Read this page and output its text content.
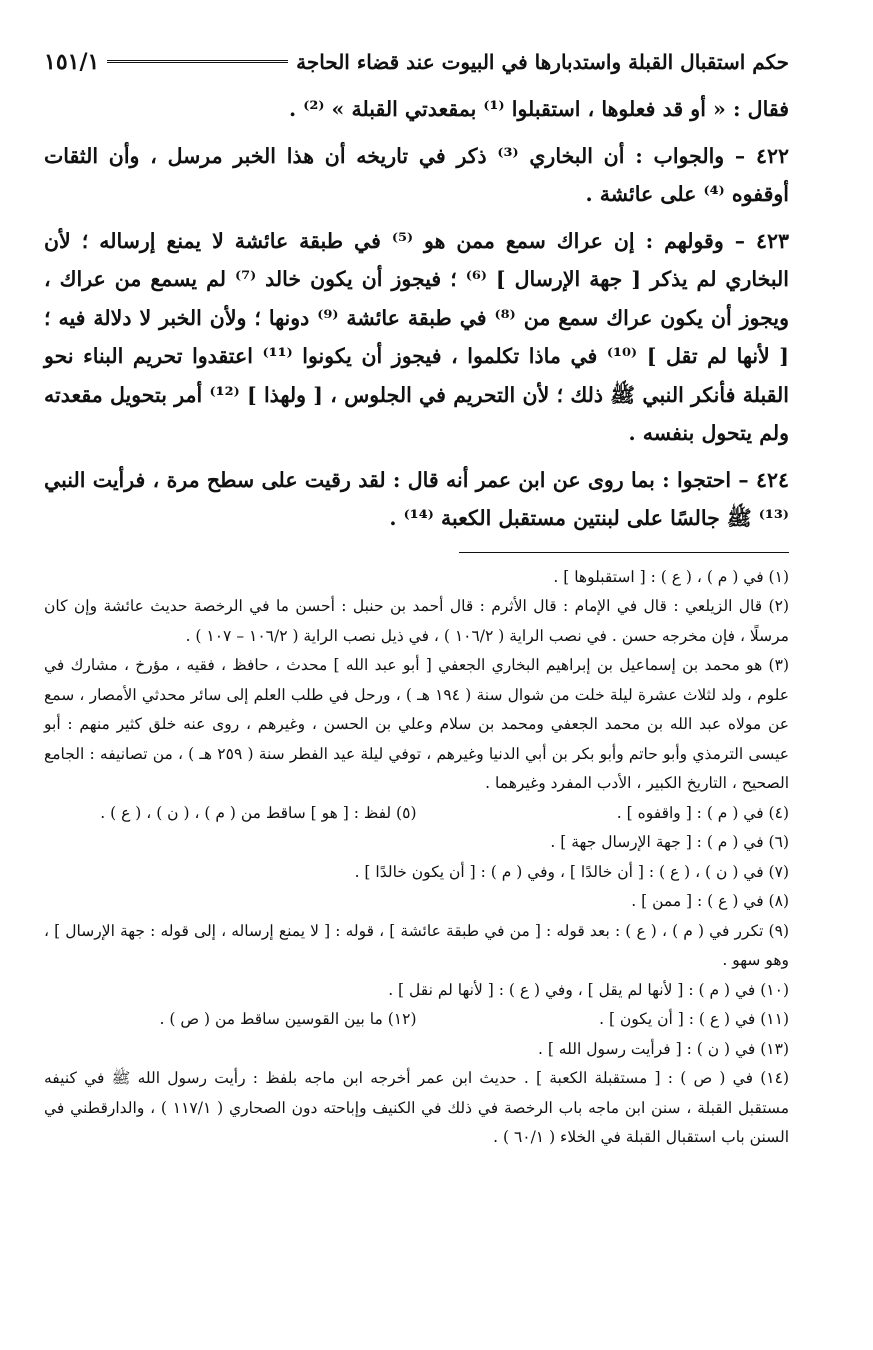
حكم استقبال القبلة واستدبارها في البيوت عند قضاء الحاجة
١٥١/١

فقال : « أو قد فعلوها ، استقبلوا ⁽¹⁾ بمقعدتي القبلة » ⁽²⁾ .

٤٢٢ – والجواب : أن البخاري ⁽³⁾ ذكر في تاريخه أن هذا الخبر مرسل ، وأن الثقات أوقفوه ⁽⁴⁾ على عائشة .

٤٢٣ – وقولهم : إن عراك سمع ممن هو ⁽⁵⁾ في طبقة عائشة لا يمنع إرساله ؛ لأن البخاري لم يذكر [ جهة الإرسال ] ⁽⁶⁾ ؛ فيجوز أن يكون خالد ⁽⁷⁾ لم يسمع من عراك ، ويجوز أن يكون عراك سمع من ⁽⁸⁾ في طبقة عائشة ⁽⁹⁾ دونها ؛ ولأن الخبر لا دلالة فيه ؛ [ لأنها لم تقل ] ⁽¹⁰⁾ في ماذا تكلموا ، فيجوز أن يكونوا ⁽¹¹⁾ اعتقدوا تحريم البناء نحو القبلة فأنكر النبي ﷺ ذلك ؛ لأن التحريم في الجلوس ، [ ولهذا ] ⁽¹²⁾ أمر بتحويل مقعدته ولم يتحول بنفسه .

٤٢٤ – احتجوا : بما روى عن ابن عمر أنه قال : لقد رقيت على سطح مرة ، فرأيت النبي ⁽¹³⁾ ﷺ جالسًا على لبنتين مستقبل الكعبة ⁽¹⁴⁾ .

(١) في ( م ) ، ( ع ) : [ استقبلوها ] .

(٢) قال الزيلعي : قال في الإمام : قال الأثرم : قال أحمد بن حنبل : أحسن ما في الرخصة حديث عائشة وإن كان مرسلًا ، فإن مخرجه حسن . في نصب الراية ( ١٠٦/٢ ) ، في ذيل نصب الراية ( ١٠٦/٢ – ١٠٧ ) .

(٣) هو محمد بن إسماعيل بن إبراهيم البخاري الجعفي [ أبو عبد الله ] محدث ، حافظ ، فقيه ، مؤرخ ، مشارك في علوم ، ولد لثلاث عشرة ليلة خلت من شوال سنة ( ١٩٤ هـ ) ، ورحل في طلب العلم إلى سائر محدثي الأمصار ، سمع عن مولاه عبد الله بن محمد الجعفي ومحمد بن سلام وعلي بن الحسن ، وغيرهم ، روى عنه خلق كثير منهم : أبو عيسى الترمذي وأبو حاتم وأبو بكر بن أبي الدنيا وغيرهم ، توفي ليلة عيد الفطر سنة ( ٢٥٩ هـ ) ، من تصانيفه : الجامع الصحيح ، التاريخ الكبير ، الأدب المفرد وغيرهما .

(٤) في ( م ) : [ واقفوه ] .
(٥) لفظ : [ هو ] ساقط من ( م ) ، ( ن ) ، ( ع ) .

(٦) في ( م ) : [ جهة الإرسال جهة ] .

(٧) في ( ن ) ، ( ع ) : [ أن خالدًا ] ، وفي ( م ) : [ أن يكون خالدًا ] .

(٨) في ( ع ) : [ ممن ] .

(٩) تكرر في ( م ) ، ( ع ) : بعد قوله : [ من في طبقة عائشة ] ، قوله : [ لا يمنع إرساله ، إلى قوله : جهة الإرسال ] ، وهو سهو .

(١٠) في ( م ) : [ لأنها لم يقل ] ، وفي ( ع ) : [ لأنها لم نقل ] .

(١١) في ( ع ) : [ أن يكون ] .
(١٢) ما بين القوسين ساقط من ( ص ) .

(١٣) في ( ن ) : [ فرأيت رسول الله ] .

(١٤) في ( ص ) : [ مستقبلة الكعبة ] . حديث ابن عمر أخرجه ابن ماجه بلفظ : رأيت رسول الله ﷺ في كنيفه مستقبل القبلة ، سنن ابن ماجه باب الرخصة في ذلك في الكنيف وإباحته دون الصحاري ( ١١٧/١ ) ، والدارقطني في السنن باب استقبال القبلة في الخلاء ( ٦٠/١ ) .
